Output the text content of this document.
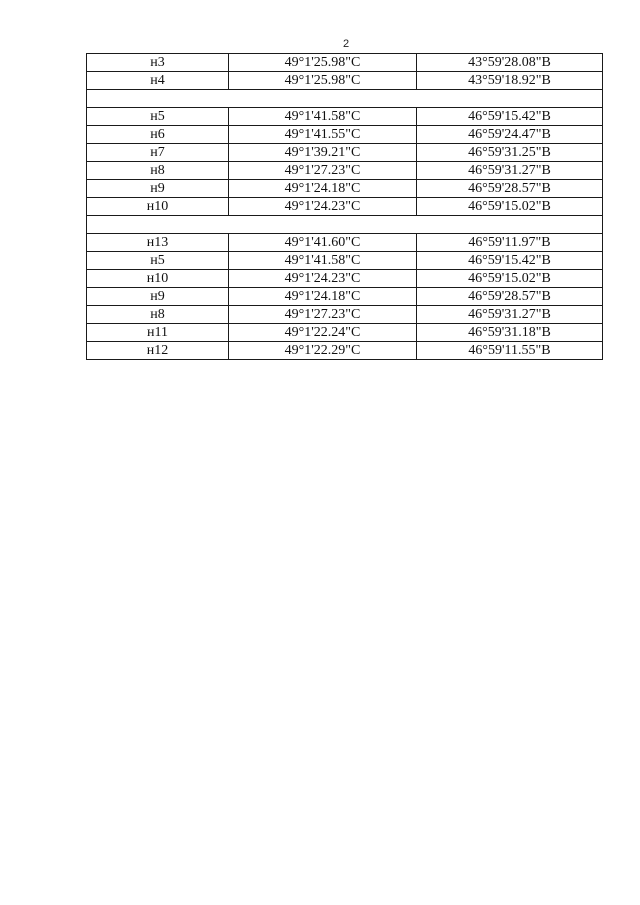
2
н3	49°1'25.98"С	43°59'28.08"В
н4	49°1'25.98"С	43°59'18.92"В

н5	49°1'41.58"С	46°59'15.42"В
н6	49°1'41.55"С	46°59'24.47"В
н7	49°1'39.21"С	46°59'31.25"В
н8	49°1'27.23"С	46°59'31.27"В
н9	49°1'24.18"С	46°59'28.57"В
н10	49°1'24.23"С	46°59'15.02"В

н13	49°1'41.60"С	46°59'11.97"В
н5	49°1'41.58"С	46°59'15.42"В
н10	49°1'24.23"С	46°59'15.02"В
н9	49°1'24.18"С	46°59'28.57"В
н8	49°1'27.23"С	46°59'31.27"В
н11	49°1'22.24"С	46°59'31.18"В
н12	49°1'22.29"С	46°59'11.55"В
